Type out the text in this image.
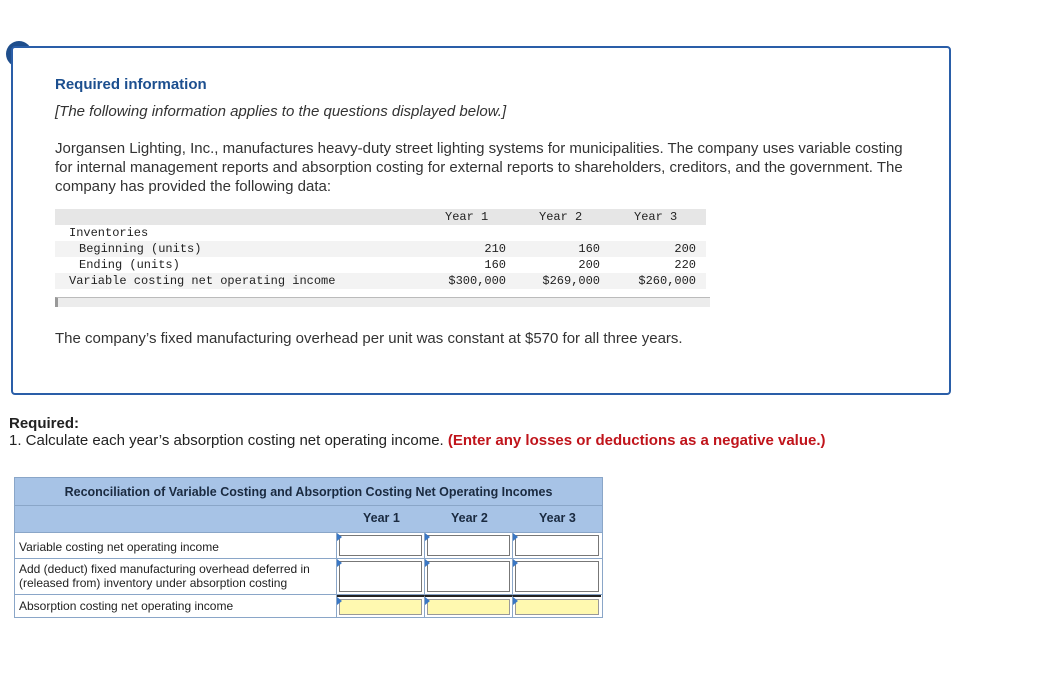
Required information
[The following information applies to the questions displayed below.]
Jorgansen Lighting, Inc., manufactures heavy-duty street lighting systems for municipalities. The company uses variable costing for internal management reports and absorption costing for external reports to shareholders, creditors, and the government. The company has provided the following data:
Year 1	Year 2	Year 3
Inventories
Beginning (units)	210	160	200
Ending (units)	160	200	220
Variable costing net operating income	$300,000	$269,000	$260,000
The company’s fixed manufacturing overhead per unit was constant at $570 for all three years.
Required:
1. Calculate each year’s absorption costing net operating income. (Enter any losses or deductions as a negative value.)
Reconciliation of Variable Costing and Absorption Costing Net Operating Incomes
Year 1	Year 2	Year 3
Variable costing net operating income
Add (deduct) fixed manufacturing overhead deferred in (released from) inventory under absorption costing
Absorption costing net operating income
